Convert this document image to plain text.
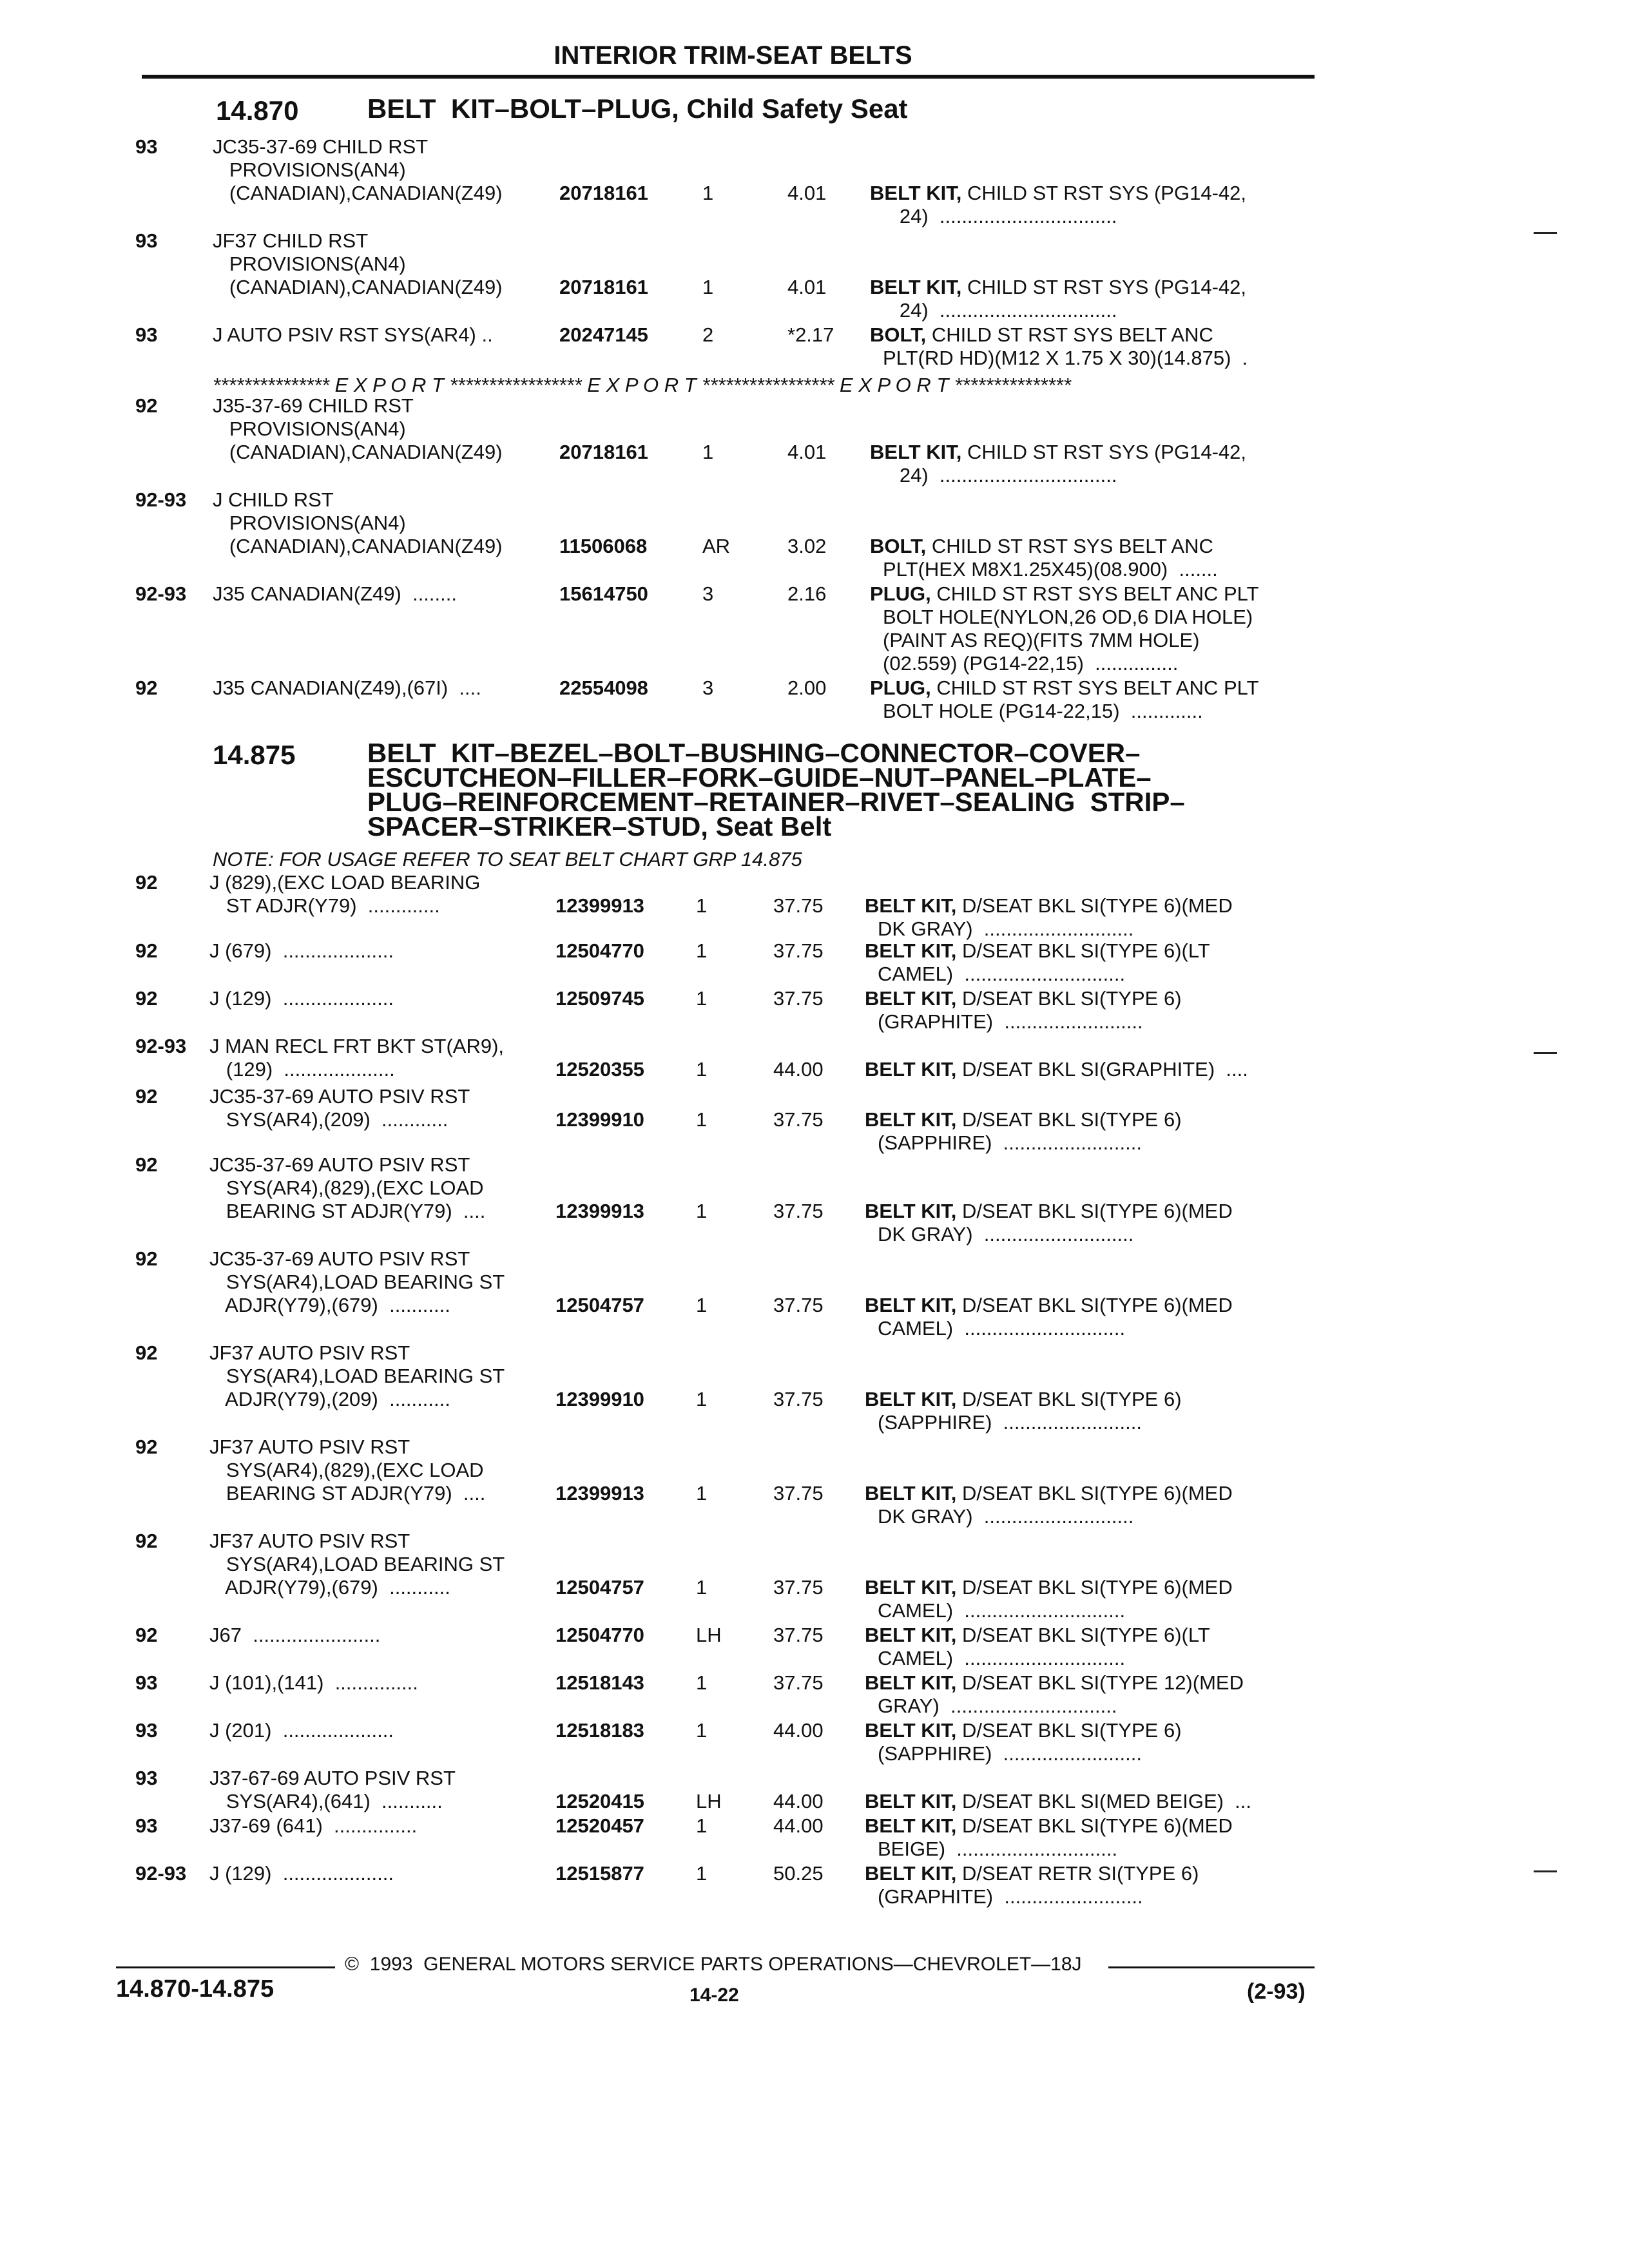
INTERIOR TRIM-SEAT BELTS
14.870	BELT  KIT–BOLT–PLUG, Child Safety Seat
*************** E X P O R T ***************** E X P O R T ***************** E X P O R T ***************
14.875	BELT  KIT–BEZEL–BOLT–BUSHING–CONNECTOR–COVER–
ESCUTCHEON–FILLER–FORK–GUIDE–NUT–PANEL–PLATE–
PLUG–REINFORCEMENT–RETAINER–RIVET–SEALING  STRIP–
SPACER–STRIKER–STUD, Seat Belt
NOTE: FOR USAGE REFER TO SEAT BELT CHART GRP 14.875
93	JC35-37-69 CHILD RST
PROVISIONS(AN4)
(CANADIAN),CANADIAN(Z49)	20718161	1	4.01 BELT KIT, CHILD ST RST SYS (PG14-42,
24)  ................................
93	JF37 CHILD RST
PROVISIONS(AN4)
(CANADIAN),CANADIAN(Z49)	20718161	1	4.01 BELT KIT, CHILD ST RST SYS (PG14-42,
24)  ................................
93	J AUTO PSIV RST SYS(AR4) ..	20247145	2	*2.17 BOLT, CHILD ST RST SYS BELT ANC
PLT(RD HD)(M12 X 1.75 X 30)(14.875)  .
92	J35-37-69 CHILD RST
PROVISIONS(AN4)
(CANADIAN),CANADIAN(Z49)	20718161	1	4.01 BELT KIT, CHILD ST RST SYS (PG14-42,
24)  ................................
92-93 J CHILD RST
PROVISIONS(AN4)
(CANADIAN),CANADIAN(Z49)	11506068	AR	3.02 BOLT, CHILD ST RST SYS BELT ANC
PLT(HEX M8X1.25X45)(08.900)  .......
92-93 J35 CANADIAN(Z49)  ........	15614750	3	2.16 PLUG, CHILD ST RST SYS BELT ANC PLT
BOLT HOLE(NYLON,26 OD,6 DIA HOLE)
(PAINT AS REQ)(FITS 7MM HOLE)
(02.559) (PG14-22,15)  ...............
92	J35 CANADIAN(Z49),(67I)  ....	22554098	3	2.00 PLUG, CHILD ST RST SYS BELT ANC PLT
BOLT HOLE (PG14-22,15)  .............
92	J (829),(EXC LOAD BEARING
ST ADJR(Y79)  .............	12399913	1	37.75 BELT KIT, D/SEAT BKL SI(TYPE 6)(MED
DK GRAY)  ...........................
92	J (679)  ....................	12504770	1	37.75 BELT KIT, D/SEAT BKL SI(TYPE 6)(LT
CAMEL)  .............................
92	J (129)  ....................	12509745	1	37.75 BELT KIT, D/SEAT BKL SI(TYPE 6)
(GRAPHITE)  .........................
92-93 J MAN RECL FRT BKT ST(AR9),
(129)  ....................	12520355	1	44.00 BELT KIT, D/SEAT BKL SI(GRAPHITE)  ....
92	JC35-37-69 AUTO PSIV RST
SYS(AR4),(209)  ............	12399910	1	37.75 BELT KIT, D/SEAT BKL SI(TYPE 6)
(SAPPHIRE)  .........................
92	JC35-37-69 AUTO PSIV RST
SYS(AR4),(829),(EXC LOAD
BEARING ST ADJR(Y79)  ....	12399913	1	37.75 BELT KIT, D/SEAT BKL SI(TYPE 6)(MED
DK GRAY)  ...........................
92	JC35-37-69 AUTO PSIV RST
SYS(AR4),LOAD BEARING ST
ADJR(Y79),(679)  ...........	12504757	1	37.75 BELT KIT, D/SEAT BKL SI(TYPE 6)(MED
CAMEL)  .............................
92	JF37 AUTO PSIV RST
SYS(AR4),LOAD BEARING ST
ADJR(Y79),(209)  ...........	12399910	1	37.75 BELT KIT, D/SEAT BKL SI(TYPE 6)
(SAPPHIRE)  .........................
92	JF37 AUTO PSIV RST
SYS(AR4),(829),(EXC LOAD
BEARING ST ADJR(Y79)  ....	12399913	1	37.75 BELT KIT, D/SEAT BKL SI(TYPE 6)(MED
DK GRAY)  ...........................
92	JF37 AUTO PSIV RST
SYS(AR4),LOAD BEARING ST
ADJR(Y79),(679)  ...........	12504757	1	37.75 BELT KIT, D/SEAT BKL SI(TYPE 6)(MED
CAMEL)  .............................
92	J67  .......................	12504770	LH	37.75 BELT KIT, D/SEAT BKL SI(TYPE 6)(LT
CAMEL)  .............................
93	J (101),(141)  ...............	12518143	1	37.75 BELT KIT, D/SEAT BKL SI(TYPE 12)(MED
GRAY)  ..............................
93	J (201)  ....................	12518183	1	44.00 BELT KIT, D/SEAT BKL SI(TYPE 6)
(SAPPHIRE)  .........................
93	J37-67-69 AUTO PSIV RST
SYS(AR4),(641)  ...........	12520415	LH	44.00 BELT KIT, D/SEAT BKL SI(MED BEIGE)  ...
93	J37-69 (641)  ...............	12520457	1	44.00 BELT KIT, D/SEAT BKL SI(TYPE 6)(MED
BEIGE)  .............................
92-93 J (129)  ....................	12515877	1	50.25 BELT KIT, D/SEAT RETR SI(TYPE 6)
(GRAPHITE)  .........................
©  1993  GENERAL MOTORS SERVICE PARTS OPERATIONS—CHEVROLET—18J
14.870-14.875	14-22	(2-93)
